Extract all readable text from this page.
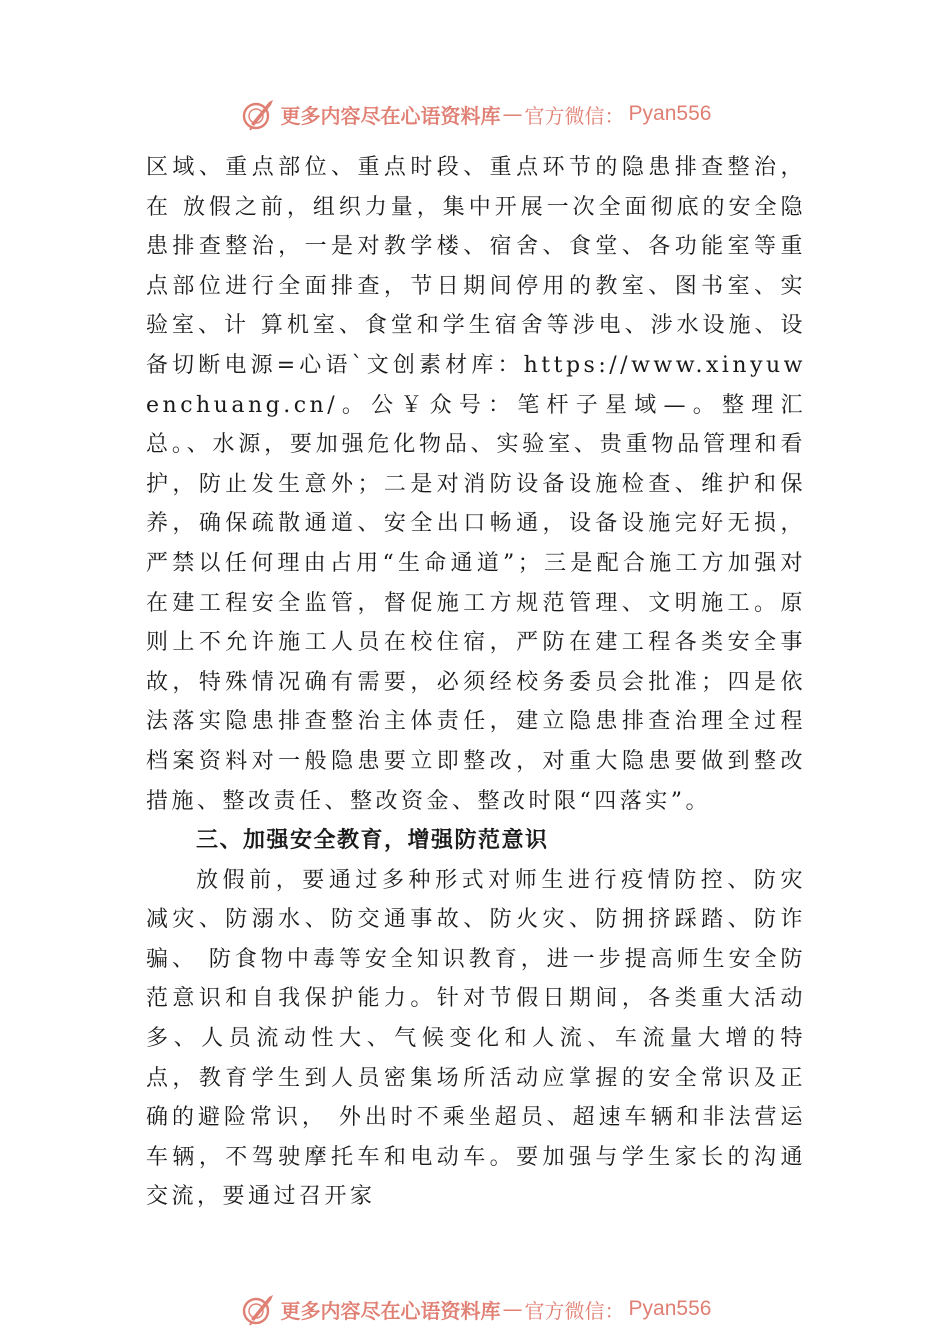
更多内容尽在心语资料库 — 官方微信： Pyan556

区域、重点部位、重点时段、重点环节的隐患排查整治，在 放假之前，组织力量，集中开展一次全面彻底的安全隐患排查整治，一是对教学楼、宿舍、食堂、各功能室等重点部位进行全面排查，节日期间停用的教室、图书室、实验室、计 算机室、食堂和学生宿舍等涉电、涉水设施、设备切断电源=心语`文创素材库：https://www.xinyuwenchuang.cn/。公￥众号：笔杆子星域—。整理汇总。、水源，要加强危化物品、实验室、贵重物品管理和看护，防止发生意外；二是对消防设备设施检查、维护和保养，确保疏散通道、安全出口畅通，设备设施完好无损，严禁以任何理由占用“生命通道”；三是配合施工方加强对在建工程安全监管，督促施工方规范管理、文明施工。原则上不允许施工人员在校住宿，严防在建工程各类安全事故，特殊情况确有需要，必须经校务委员会批准；四是依法落实隐患排查整治主体责任，建立隐患排查治理全过程档案资料对一般隐患要立即整改，对重大隐患要做到整改措施、整改责任、整改资金、整改时限“四落实”。

三、加强安全教育，增强防范意识

放假前，要通过多种形式对师生进行疫情防控、防灾减灾、防溺水、防交通事故、防火灾、防拥挤踩踏、防诈骗、 防食物中毒等安全知识教育，进一步提高师生安全防范意识和自我保护能力。针对节假日期间，各类重大活动多、人员流动性大、气候变化和人流、车流量大增的特点，教育学生到人员密集场所活动应掌握的安全常识及正确的避险常识， 外出时不乘坐超员、超速车辆和非法营运车辆，不驾驶摩托车和电动车。要加强与学生家长的沟通交流，要通过召开家

更多内容尽在心语资料库 — 官方微信： Pyan556
